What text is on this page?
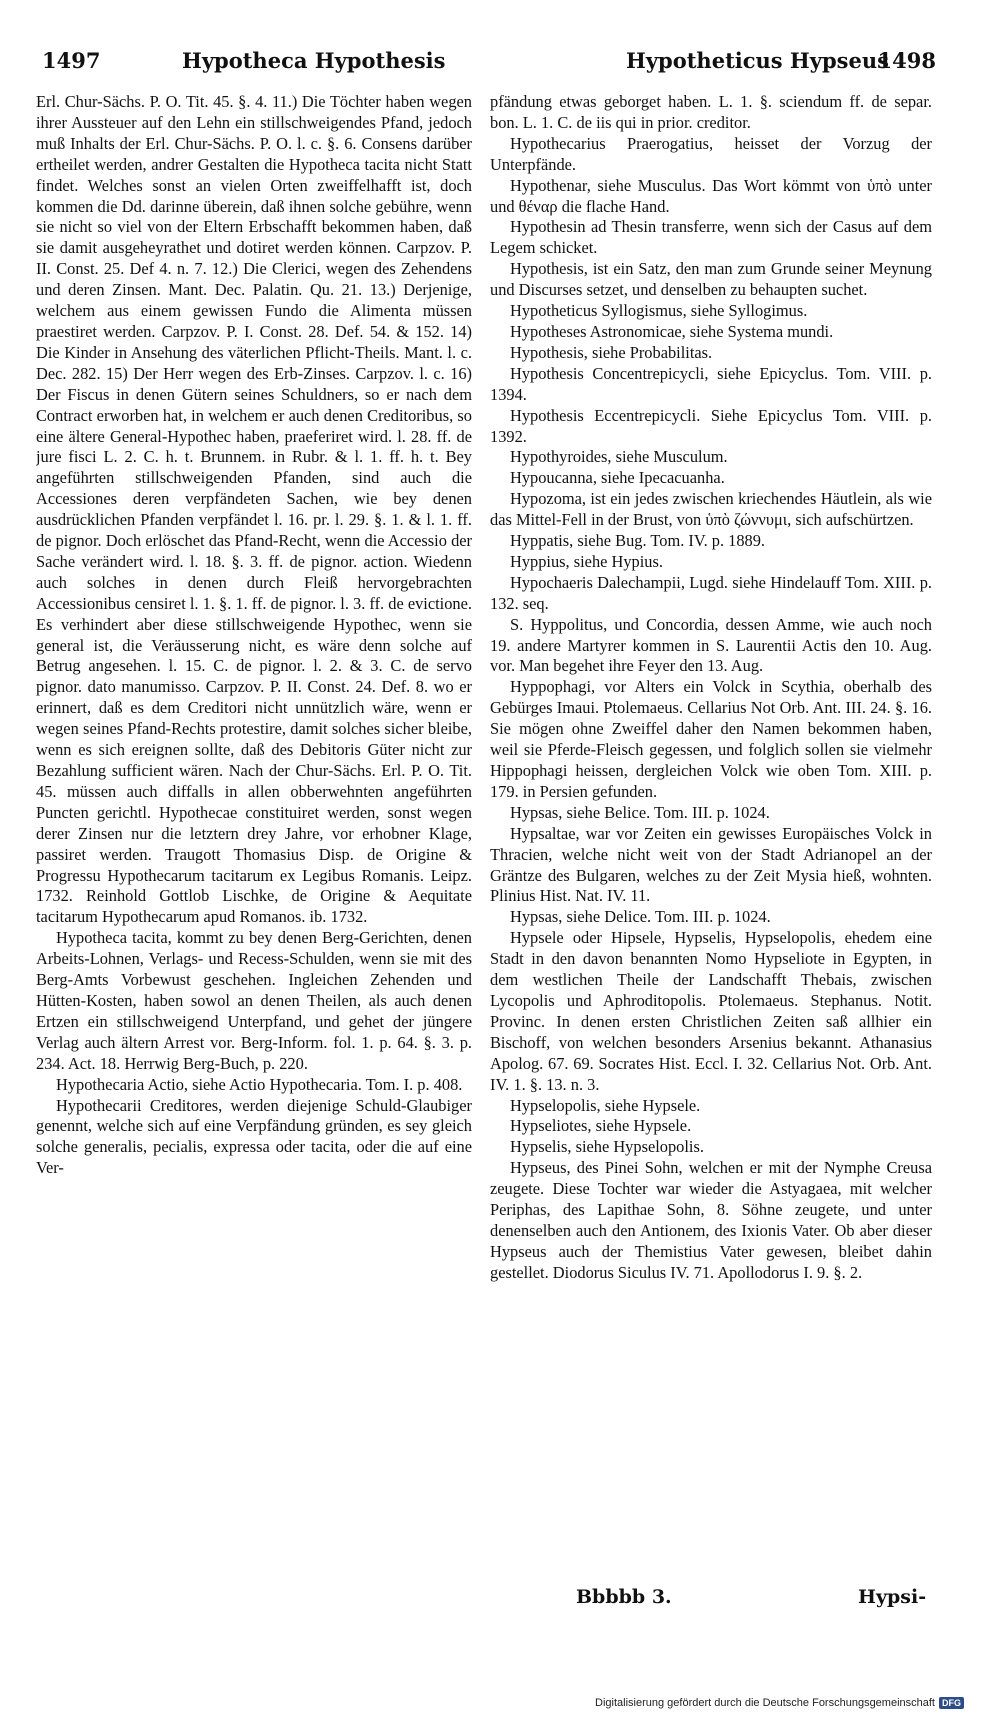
1497	Hypotheca Hypothesis	Hypotheticus Hypseus
1498

Erl. Chur-Sächs. P. O. Tit. 45. §. 4. 11.) Die Töchter haben wegen ihrer Aussteuer auf den Lehn ein stillschweigendes Pfand, jedoch muß Inhalts der Erl. Chur-Sächs. P. O. l. c. §. 6. Consens darüber ertheilet werden, andrer Gestalten die Hypotheca tacita nicht Statt findet. Welches sonst an vielen Orten zweiffelhafft ist, doch kommen die Dd. darinne überein, daß ihnen solche gebühre, wenn sie nicht so viel von der Eltern Erbschafft bekommen haben, daß sie damit ausgeheyrathet und dotiret werden können. Carpzov. P. II. Const. 25. Def 4. n. 7. 12.) Die Clerici, wegen des Zehendens und deren Zinsen. Mant. Dec. Palatin. Qu. 21. 13.) Derjenige, welchem aus einem gewissen Fundo die Alimenta müssen praestiret werden. Carpzov. P. I. Const. 28. Def. 54. & 152. 14) Die Kinder in Ansehung des väterlichen Pflicht-Theils. Mant. l. c. Dec. 282. 15) Der Herr wegen des Erb-Zinses. Carpzov. l. c. 16) Der Fiscus in denen Gütern seines Schuldners, so er nach dem Contract erworben hat, in welchem er auch denen Creditoribus, so eine ältere General-Hypothec haben, praeferiret wird. l. 28. ff. de jure fisci L. 2. C. h. t. Brunnem. in Rubr. & l. 1. ff. h. t. Bey angeführten stillschweigenden Pfanden, sind auch die Accessiones deren verpfändeten Sachen, wie bey denen ausdrücklichen Pfanden verpfändet l. 16. pr. l. 29. §. 1. & l. 1. ff. de pignor. Doch erlöschet das Pfand-Recht, wenn die Accessio der Sache verändert wird. l. 18. §. 3. ff. de pignor. action. Wiedenn auch solches in denen durch Fleiß hervorgebrachten Accessionibus censiret l. 1. §. 1. ff. de pignor. l. 3. ff. de evictione. Es verhindert aber diese stillschweigende Hypothec, wenn sie general ist, die Veräusserung nicht, es wäre denn solche auf Betrug angesehen. l. 15. C. de pignor. l. 2. & 3. C. de servo pignor. dato manumisso. Carpzov. P. II. Const. 24. Def. 8. wo er erinnert, daß es dem Creditori nicht unnützlich wäre, wenn er wegen seines Pfand-Rechts protestire, damit solches sicher bleibe, wenn es sich ereignen sollte, daß des Debitoris Güter nicht zur Bezahlung sufficient wären. Nach der Chur-Sächs. Erl. P. O. Tit. 45. müssen auch diffalls in allen obberwehnten angeführten Puncten gerichtl. Hypothecae constituiret werden, sonst wegen derer Zinsen nur die letztern drey Jahre, vor erhobner Klage, passiret werden. Traugott Thomasius Disp. de Origine & Progressu Hypothecarum tacitarum ex Legibus Romanis. Leipz. 1732. Reinhold Gottlob Lischke, de Origine & Aequitate tacitarum Hypothecarum apud Romanos. ib. 1732.

Hypotheca tacita, kommt zu bey denen Berg-Gerichten, denen Arbeits-Lohnen, Verlags- und Recess-Schulden, wenn sie mit des Berg-Amts Vorbewust geschehen. Ingleichen Zehenden und Hütten-Kosten, haben sowol an denen Theilen, als auch denen Ertzen ein stillschweigend Unterpfand, und gehet der jüngere Verlag auch ältern Arrest vor. Berg-Inform. fol. 1. p. 64. §. 3. p. 234. Act. 18. Herrwig Berg-Buch, p. 220.

Hypothecaria Actio, siehe Actio Hypothecaria. Tom. I. p. 408.

Hypothecarii Creditores, werden diejenige Schuld-Glaubiger genennt, welche sich auf eine Verpfändung gründen, es sey gleich solche generalis, pecialis, expressa oder tacita, oder die auf eine Ver-

pfändung etwas geborget haben. L. 1. §. sciendum ff. de separ. bon. L. 1. C. de iis qui in prior. creditor.

Hypothecarius Praerogatius, heisset der Vorzug der Unterpfände.

Hypothenar, siehe Musculus. Das Wort kömmt von ὑπὸ unter und θέναρ die flache Hand.

Hypothesin ad Thesin transferre, wenn sich der Casus auf dem Legem schicket.

Hypothesis, ist ein Satz, den man zum Grunde seiner Meynung und Discurses setzet, und denselben zu behaupten suchet.

Hypotheticus Syllogismus, siehe Syllogimus.

Hypotheses Astronomicae, siehe Systema mundi.

Hypothesis, siehe Probabilitas.

Hypothesis Concentrepicycli, siehe Epicyclus. Tom. VIII. p. 1394.

Hypothesis Eccentrepicycli. Siehe Epicyclus Tom. VIII. p. 1392.

Hypothyroides, siehe Musculum.

Hypoucanna, siehe Ipecacuanha.

Hypozoma, ist ein jedes zwischen kriechendes Häutlein, als wie das Mittel-Fell in der Brust, von ὑπὸ ζώννυμι, sich aufschürtzen.

Hyppatis, siehe Bug. Tom. IV. p. 1889.

Hyppius, siehe Hypius.

Hypochaeris Dalechampii, Lugd. siehe Hindelauff Tom. XIII. p. 132. seq.

S. Hyppolitus, und Concordia, dessen Amme, wie auch noch 19. andere Martyrer kommen in S. Laurentii Actis den 10. Aug. vor. Man begehet ihre Feyer den 13. Aug.

Hyppophagi, vor Alters ein Volck in Scythia, oberhalb des Gebürges Imaui. Ptolemaeus. Cellarius Not Orb. Ant. III. 24. §. 16. Sie mögen ohne Zweiffel daher den Namen bekommen haben, weil sie Pferde-Fleisch gegessen, und folglich sollen sie vielmehr Hippophagi heissen, dergleichen Volck wie oben Tom. XIII. p. 179. in Persien gefunden.

Hypsas, siehe Belice. Tom. III. p. 1024.

Hypsaltae, war vor Zeiten ein gewisses Europäisches Volck in Thracien, welche nicht weit von der Stadt Adrianopel an der Gräntze des Bulgaren, welches zu der Zeit Mysia hieß, wohnten. Plinius Hist. Nat. IV. 11.

Hypsas, siehe Delice. Tom. III. p. 1024.

Hypsele oder Hipsele, Hypselis, Hypselopolis, ehedem eine Stadt in den davon benannten Nomo Hypseliote in Egypten, in dem westlichen Theile der Landschafft Thebais, zwischen Lycopolis und Aphroditopolis. Ptolemaeus. Stephanus. Notit. Provinc. In denen ersten Christlichen Zeiten saß allhier ein Bischoff, von welchen besonders Arsenius bekannt. Athanasius Apolog. 67. 69. Socrates Hist. Eccl. I. 32. Cellarius Not. Orb. Ant. IV. 1. §. 13. n. 3.

Hypselopolis, siehe Hypsele.

Hypseliotes, siehe Hypsele.

Hypselis, siehe Hypselopolis.

Hypseus, des Pinei Sohn, welchen er mit der Nymphe Creusa zeugete. Diese Tochter war wieder die Astyagaea, mit welcher Periphas, des Lapithae Sohn, 8. Söhne zeugete, und unter denenselben auch den Antionem, des Ixionis Vater. Ob aber dieser Hypseus auch der Themistius Vater gewesen, bleibet dahin gestellet. Diodorus Siculus IV. 71. Apollodorus I. 9. §. 2.

Bbbbb 3.	Hypsi-
Digitalisierung gefördert durch die Deutsche Forschungsgemeinschaft DFG
